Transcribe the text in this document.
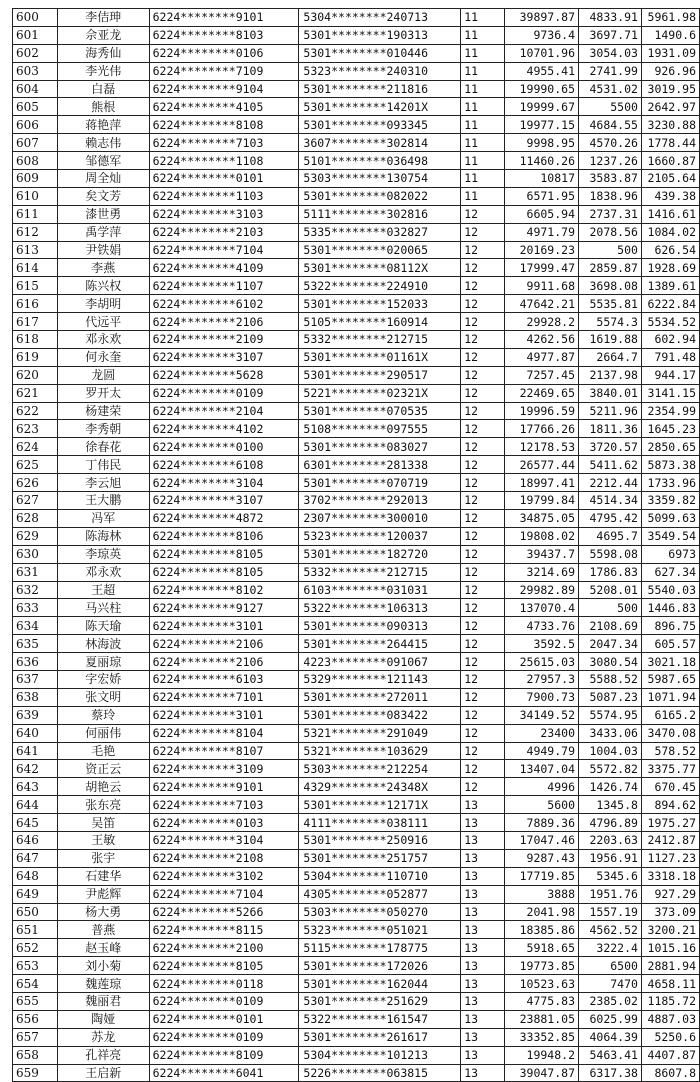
600	李佶珅	6224********9101	5304********240713	11	39897.87	4833.91	5961.98
601	佘亚龙	6224********8103	5301********190313	11	9736.4	3697.71	1490.6
602	海秀仙	6224********0106	5301********010446	11	10701.96	3054.03	1931.09
603	李光伟	6224********7109	5323********240310	11	4955.41	2741.99	926.96
604	白磊	6224********9104	5301********211816	11	19990.65	4531.02	3019.95
605	熊根	6224********4105	5301********14201X	11	19999.67	5500	2642.97
606	蒋艳萍	6224********8108	5301********093345	11	19977.15	4684.55	3230.88
607	赖志伟	6224********7103	3607********302814	11	9998.95	4570.26	1778.44
608	邹德军	6224********1108	5101********036498	11	11460.26	1237.26	1660.87
609	周全灿	6224********0101	5303********130754	11	10817	3583.87	2105.64
610	矣文芳	6224********1103	5301********082022	11	6571.95	1838.96	439.38
611	漆世勇	6224********3103	5111********302816	12	6605.94	2737.31	1416.61
612	禹学萍	6224********2103	5335********032827	12	4971.79	2078.56	1084.02
613	尹铁娟	6224********7104	5301********020065	12	20169.23	500	626.54
614	李燕	6224********4109	5301********08112X	12	17999.47	2859.87	1928.69
615	陈兴权	6224********1107	5322********224910	12	9911.68	3698.08	1389.61
616	李胡明	6224********6102	5301********152033	12	47642.21	5535.81	6222.84
617	代远平	6224********2106	5105********160914	12	29928.2	5574.3	5534.52
618	邓永欢	6224********2109	5332********212715	12	4262.56	1619.88	602.94
619	何永奎	6224********3107	5301********01161X	12	4977.87	2664.7	791.48
620	龙圆	6224********5628	5301********290517	12	7257.45	2137.98	944.17
621	罗开太	6224********0109	5221********02321X	12	22469.65	3840.01	3141.15
622	杨建荣	6224********2104	5301********070535	12	19996.59	5211.96	2354.99
623	李秀朝	6224********4102	5108********097555	12	17766.26	1811.36	1645.23
624	徐春花	6224********0100	5301********083027	12	12178.53	3720.57	2850.65
625	丁伟民	6224********6108	6301********281338	12	26577.44	5411.62	5873.38
626	李云旭	6224********3104	5301********070719	12	18997.41	2212.44	1733.96
627	王大鹏	6224********3107	3702********292013	12	19799.84	4514.34	3359.82
628	冯军	6224********4872	2307********300010	12	34875.05	4795.42	5099.63
629	陈海林	6224********8106	5323********120037	12	19808.02	4695.7	3549.54
630	李琼英	6224********8105	5301********182720	12	39437.7	5598.08	6973
631	邓永欢	6224********8105	5332********212715	12	3214.69	1786.83	627.34
632	王超	6224********8102	6103********031031	12	29982.89	5208.01	5540.03
633	马兴柱	6224********9127	5322********106313	12	137070.4	500	1446.83
634	陈天瑜	6224********3101	5301********090313	12	4733.76	2108.69	896.75
635	林海波	6224********2106	5301********264415	12	3592.5	2047.34	605.57
636	夏丽琼	6224********2106	4223********091067	12	25615.03	3080.54	3021.18
637	字宏娇	6224********6103	5329********121143	12	27957.3	5588.52	5987.65
638	张文明	6224********7101	5301********272011	12	7900.73	5087.23	1071.94
639	蔡玲	6224********3101	5301********083422	12	34149.52	5574.95	6165.2
640	何丽伟	6224********8104	5321********291049	12	23400	3433.06	3470.08
641	毛艳	6224********8107	5321********103629	12	4949.79	1004.03	578.52
642	资正云	6224********3109	5303********212254	12	13407.04	5572.82	3375.77
643	胡艳云	6224********9101	4329********24348X	12	4996	1426.74	670.45
644	张东亮	6224********7103	5301********12171X	13	5600	1345.8	894.62
645	吴笛	6224********0103	4111********038111	13	7889.36	4796.89	1975.27
646	王敏	6224********3104	5301********250916	13	17047.46	2203.63	2412.87
647	张宇	6224********2108	5301********251757	13	9287.43	1956.91	1127.23
648	石建华	6224********3102	5304********110710	13	17719.85	5345.6	3318.18
649	尹彪辉	6224********7104	4305********052877	13	3888	1951.76	927.29
650	杨大勇	6224********5266	5303********050270	13	2041.98	1557.19	373.09
651	普燕	6224********8115	5323********051021	13	18385.86	4562.52	3200.21
652	赵玉峰	6224********2100	5115********178775	13	5918.65	3222.4	1015.16
653	刘小菊	6224********8105	5301********172026	13	19773.85	6500	2881.94
654	魏莲琼	6224********0118	5301********162044	13	10523.63	7470	4658.11
655	魏丽君	6224********0109	5301********251629	13	4775.83	2385.02	1185.72
656	陶娅	6224********0101	5322********161547	13	23881.05	6025.99	4887.03
657	苏龙	6224********0109	5301********261617	13	33352.85	4064.39	5250.6
658	孔祥亮	6224********8109	5304********101213	13	19948.2	5463.41	4407.87
659	王启新	6224********6041	5226********063815	13	39047.87	6317.38	8607.8
